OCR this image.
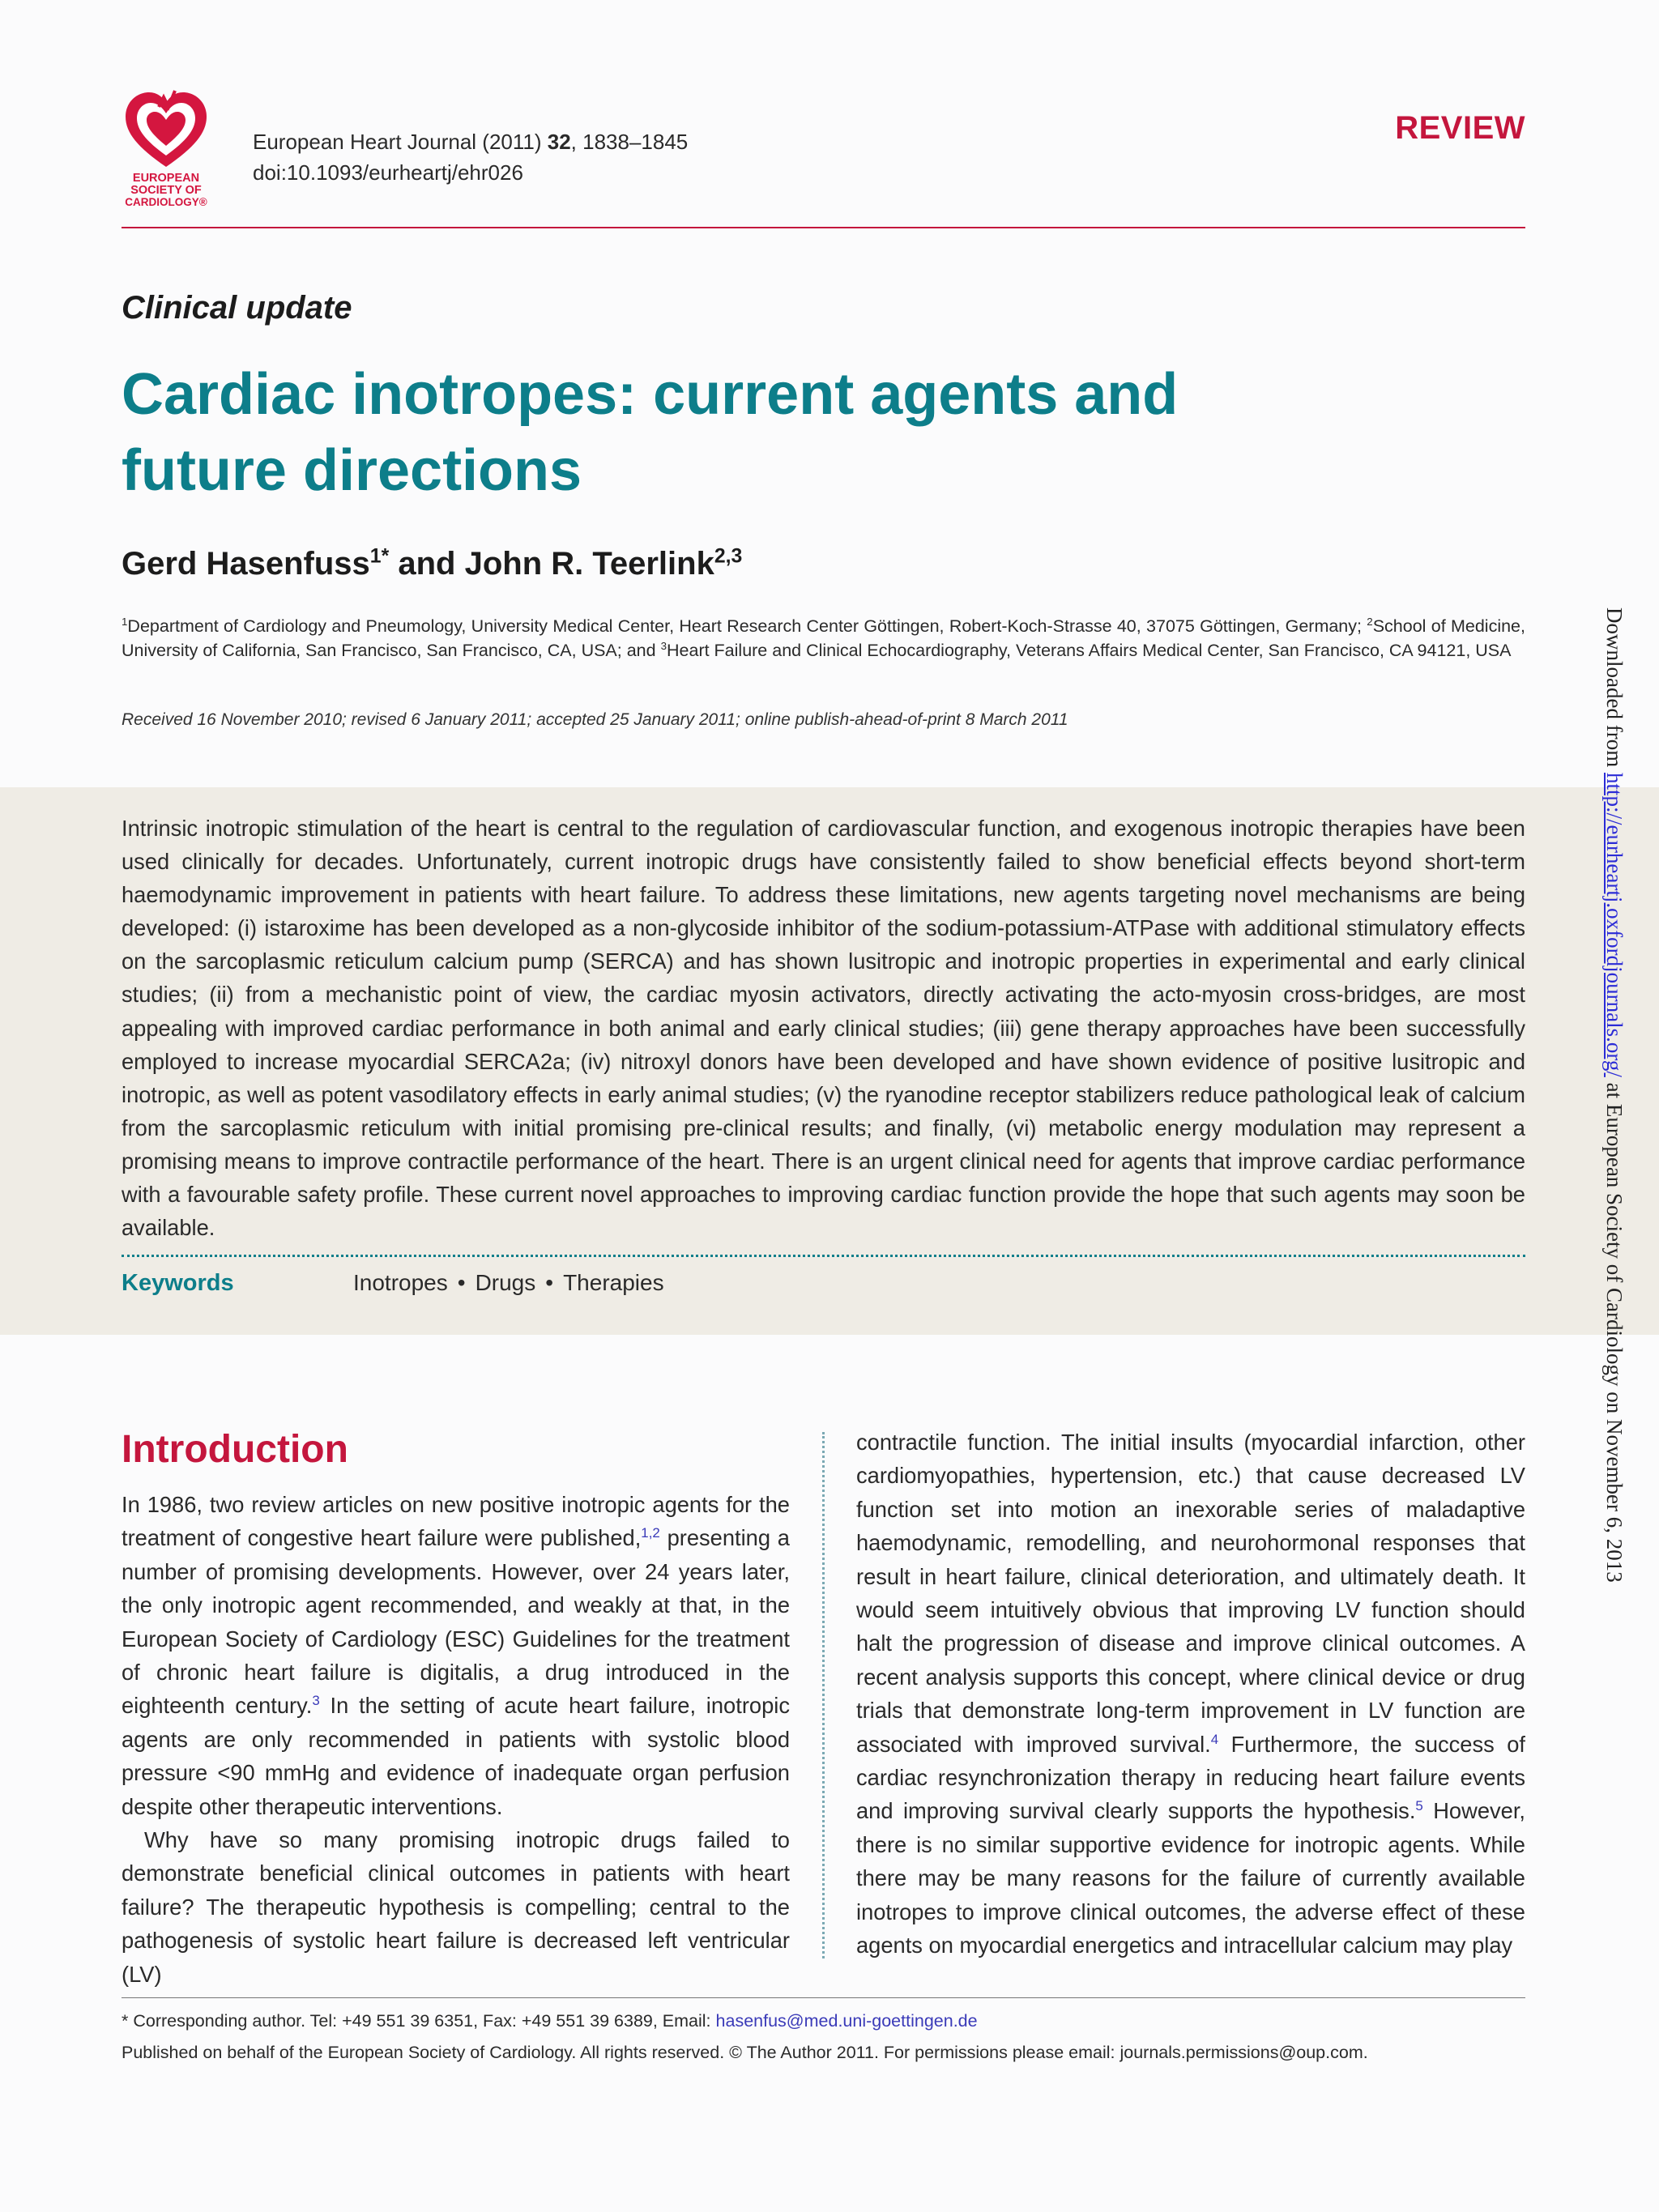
EUROPEAN
SOCIETY OF
CARDIOLOGY®
European Heart Journal (2011) 32, 1838–1845
doi:10.1093/eurheartj/ehr026
REVIEW
Clinical update
Cardiac inotropes: current agents and future directions
Gerd Hasenfuss$^{1*}$ and John R. Teerlink$^{2,3}$
$^1$Department of Cardiology and Pneumology, University Medical Center, Heart Research Center Göttingen, Robert-Koch-Strasse 40, 37075 Göttingen, Germany; $^2$School of Medicine, University of California, San Francisco, San Francisco, CA, USA; and $^3$Heart Failure and Clinical Echocardiography, Veterans Affairs Medical Center, San Francisco, CA 94121, USA
Received 16 November 2010; revised 6 January 2011; accepted 25 January 2011; online publish-ahead-of-print 8 March 2011
Intrinsic inotropic stimulation of the heart is central to the regulation of cardiovascular function, and exogenous inotropic therapies have been used clinically for decades. Unfortunately, current inotropic drugs have consistently failed to show beneficial effects beyond short-term haemodynamic improvement in patients with heart failure. To address these limitations, new agents targeting novel mechanisms are being developed: (i) istaroxime has been developed as a non-glycoside inhibitor of the sodium-potassium-ATPase with additional stimulatory effects on the sarcoplasmic reticulum calcium pump (SERCA) and has shown lusitropic and inotropic properties in experimental and early clinical studies; (ii) from a mechanistic point of view, the cardiac myosin activators, directly activating the acto-myosin cross-bridges, are most appealing with improved cardiac performance in both animal and early clinical studies; (iii) gene therapy approaches have been successfully employed to increase myocardial SERCA2a; (iv) nitroxyl donors have been developed and have shown evidence of positive lusitropic and inotropic, as well as potent vasodilatory effects in early animal studies; (v) the ryanodine receptor stabilizers reduce pathological leak of calcium from the sarcoplasmic reticulum with initial promising pre-clinical results; and finally, (vi) metabolic energy modulation may represent a promising means to improve contractile performance of the heart. There is an urgent clinical need for agents that improve cardiac performance with a favourable safety profile. These current novel approaches to improving cardiac function provide the hope that such agents may soon be available.
Keywords	Inotropes • Drugs • Therapies
Introduction

In 1986, two review articles on new positive inotropic agents for the treatment of congestive heart failure were published,$^{1,2}$ presenting a number of promising developments. However, over 24 years later, the only inotropic agent recommended, and weakly at that, in the European Society of Cardiology (ESC) Guidelines for the treatment of chronic heart failure is digitalis, a drug introduced in the eighteenth century.$^3$ In the setting of acute heart failure, inotropic agents are only recommended in patients with systolic blood pressure <90 mmHg and evidence of inadequate organ perfusion despite other therapeutic interventions.

Why have so many promising inotropic drugs failed to demonstrate beneficial clinical outcomes in patients with heart failure? The therapeutic hypothesis is compelling; central to the pathogenesis of systolic heart failure is decreased left ventricular (LV)

contractile function. The initial insults (myocardial infarction, other cardiomyopathies, hypertension, etc.) that cause decreased LV function set into motion an inexorable series of maladaptive haemodynamic, remodelling, and neurohormonal responses that result in heart failure, clinical deterioration, and ultimately death. It would seem intuitively obvious that improving LV function should halt the progression of disease and improve clinical outcomes. A recent analysis supports this concept, where clinical device or drug trials that demonstrate long-term improvement in LV function are associated with improved survival.$^4$ Furthermore, the success of cardiac resynchronization therapy in reducing heart failure events and improving survival clearly supports the hypothesis.$^5$ However, there is no similar supportive evidence for inotropic agents. While there may be many reasons for the failure of currently available inotropes to improve clinical outcomes, the adverse effect of these agents on myocardial energetics and intracellular calcium may play

* Corresponding author. Tel: +49 551 39 6351, Fax: +49 551 39 6389, Email: hasenfus@med.uni-goettingen.de
Published on behalf of the European Society of Cardiology. All rights reserved. © The Author 2011. For permissions please email: journals.permissions@oup.com.
Downloaded from http://eurheartj.oxfordjournals.org/ at European Society of Cardiology on November 6, 2013
